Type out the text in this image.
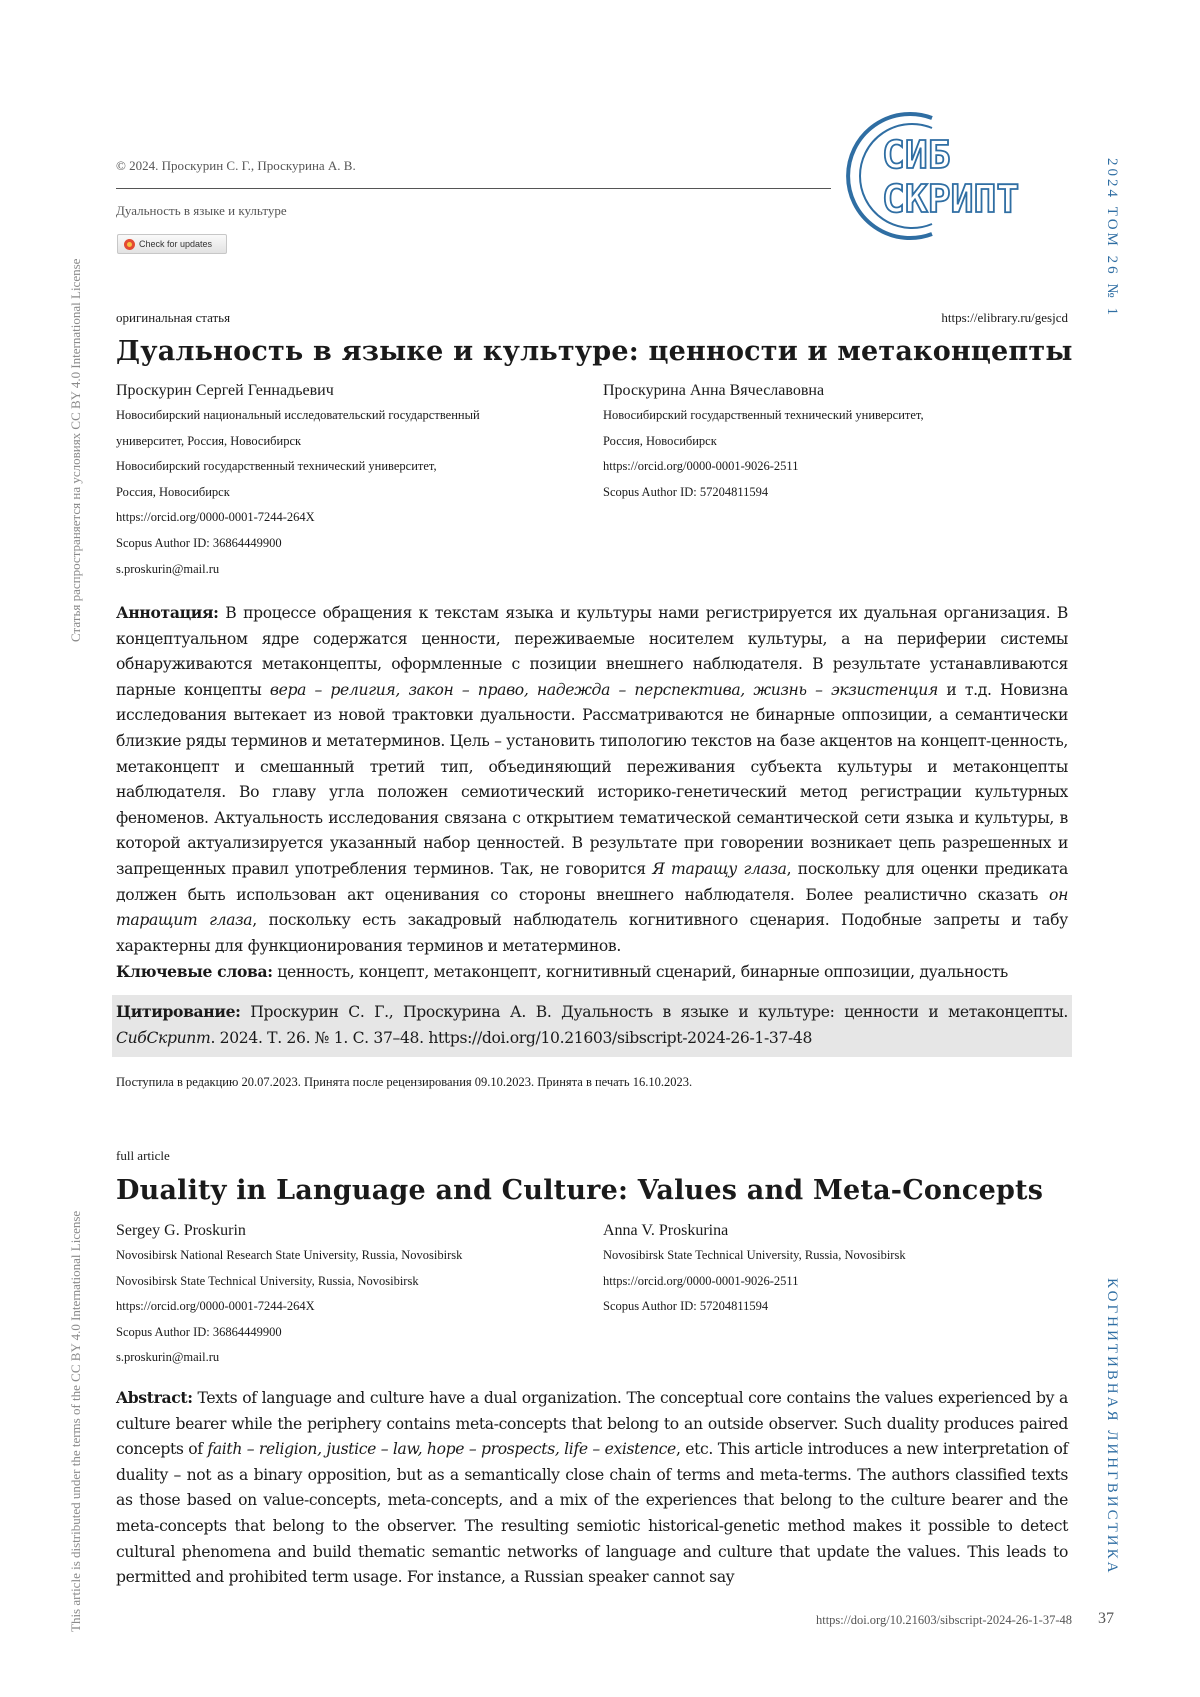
Статья распространяется на условиях CC BY 4.0 International License
This article is distributed under the terms of the CC BY 4.0 International License
2024 ТОМ 26 № 1
КОГНИТИВНАЯ ЛИНГВИСТИКА
© 2024. Проскурин С. Г., Проскурина А. В.
Дуальность в языке и культуре
Check for updates
СИБ
СКРИПТ
оригинальная статья	https://elibrary.ru/gesjcd
Дуальность в языке и культуре: ценности и метаконцепты
Проскурин Сергей Геннадьевич
Новосибирский национальный исследовательский государственный
университет, Россия, Новосибирск
Новосибирский государственный технический университет,
Россия, Новосибирск
https://orcid.org/0000-0001-7244-264X
Scopus Author ID: 36864449900
s.proskurin@mail.ru
Проскурина Анна Вячеславовна
Новосибирский государственный технический университет,
Россия, Новосибирск
https://orcid.org/0000-0001-9026-2511
Scopus Author ID: 57204811594
Аннотация: В процессе обращения к текстам языка и культуры нами регистрируется их дуальная организация. В концептуальном ядре содержатся ценности, переживаемые носителем культуры, а на периферии системы обнаруживаются метаконцепты, оформленные с позиции внешнего наблюдателя. В результате устанавливаются парные концепты вера – религия, закон – право, надежда – перспектива, жизнь – экзистенция и т.д. Новизна исследования вытекает из новой трактовки дуальности. Рассматриваются не бинарные оппозиции, а семантически близкие ряды терминов и метатерминов. Цель – установить типологию текстов на базе акцентов на концепт-ценность, метаконцепт и смешанный третий тип, объединяющий переживания субъекта культуры и метаконцепты наблюдателя. Во главу угла положен семиотический историко-генетический метод регистрации культурных феноменов. Актуальность исследования связана с открытием тематической семантической сети языка и культуры, в которой актуализируется указанный набор ценностей. В результате при говорении возникает цепь разрешенных и запрещенных правил употребления терминов. Так, не говорится Я таращу глаза, поскольку для оценки предиката должен быть использован акт оценивания со стороны внешнего наблюдателя. Более реалистично сказать он таращит глаза, поскольку есть закадровый наблюдатель когнитивного сценария. Подобные запреты и табу характерны для функционирования терминов и метатерминов.
Ключевые слова: ценность, концепт, метаконцепт, когнитивный сценарий, бинарные оппозиции, дуальность
Цитирование: Проскурин С. Г., Проскурина А. В. Дуальность в языке и культуре: ценности и метаконцепты. СибСкрипт. 2024. Т. 26. № 1. С. 37–48. https://doi.org/10.21603/sibscript-2024-26-1-37-48
Поступила в редакцию 20.07.2023. Принята после рецензирования 09.10.2023. Принята в печать 16.10.2023.
full article
Duality in Language and Culture: Values and Meta-Concepts
Sergey G. Proskurin
Novosibirsk National Research State University, Russia, Novosibirsk
Novosibirsk State Technical University, Russia, Novosibirsk
https://orcid.org/0000-0001-7244-264X
Scopus Author ID: 36864449900
s.proskurin@mail.ru
Anna V. Proskurina
Novosibirsk State Technical University, Russia, Novosibirsk
https://orcid.org/0000-0001-9026-2511
Scopus Author ID: 57204811594
Abstract: Texts of language and culture have a dual organization. The conceptual core contains the values experienced by a culture bearer while the periphery contains meta-concepts that belong to an outside observer. Such duality produces paired concepts of faith – religion, justice – law, hope – prospects, life – existence, etc. This article introduces a new interpretation of duality – not as a binary opposition, but as a semantically close chain of terms and meta-terms. The authors classified texts as those based on value-concepts, meta-concepts, and a mix of the experiences that belong to the culture bearer and the meta-concepts that belong to the observer. The resulting semiotic historical-genetic method makes it possible to detect cultural phenomena and build thematic semantic networks of language and culture that update the values. This leads to permitted and prohibited term usage. For instance, a Russian speaker cannot say
https://doi.org/10.21603/sibscript-2024-26-1-37-48 37
